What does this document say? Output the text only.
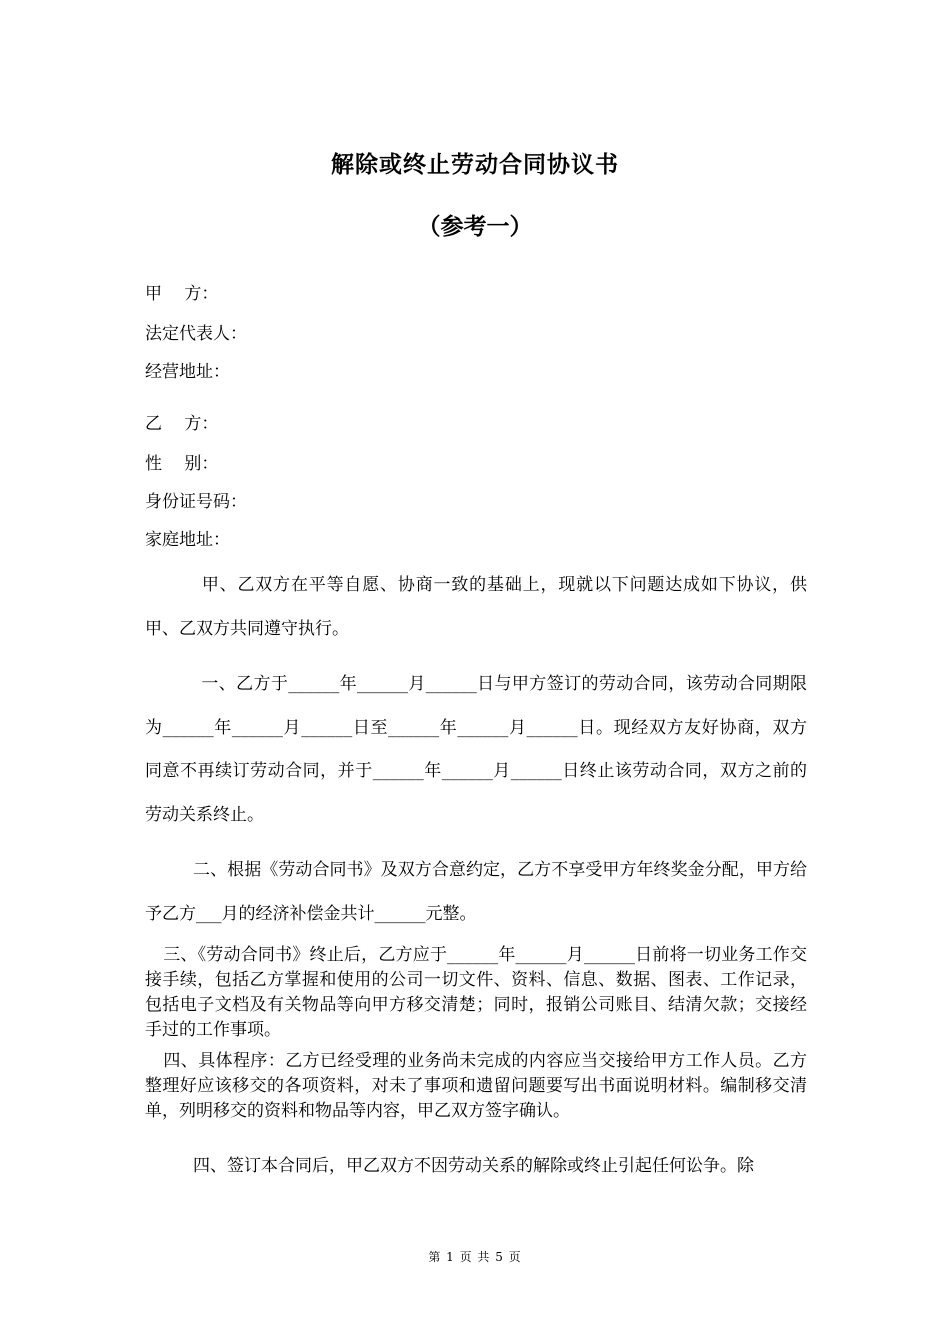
解除或终止劳动合同协议书
（参考一）
甲　 方：
法定代表人：
经营地址：
乙　 方：
性　 别：
身份证号码：
家庭地址：
甲、乙双方在平等自愿、协商一致的基础上，现就以下问题达成如下协议，供甲、乙双方共同遵守执行。
一、乙方于______年______月______日与甲方签订的劳动合同，该劳动合同期限为______年______月______日至______年______月______日。现经双方友好协商，双方同意不再续订劳动合同，并于______年______月______日终止该劳动合同，双方之前的劳动关系终止。
二、根据《劳动合同书》及双方合意约定，乙方不享受甲方年终奖金分配，甲方给予乙方___月的经济补偿金共计______元整。
三、《劳动合同书》终止后，乙方应于______年______月______日前将一切业务工作交接手续，包括乙方掌握和使用的公司一切文件、资料、信息、数据、图表、工作记录，包括电子文档及有关物品等向甲方移交清楚；同时，报销公司账目、结清欠款；交接经手过的工作事项。
四、具体程序：乙方已经受理的业务尚未完成的内容应当交接给甲方工作人员。乙方整理好应该移交的各项资料，对未了事项和遗留问题要写出书面说明材料。编制移交清单，列明移交的资料和物品等内容，甲乙双方签字确认。
四、签订本合同后，甲乙双方不因劳动关系的解除或终止引起任何讼争。除
第 1 页 共 5 页
